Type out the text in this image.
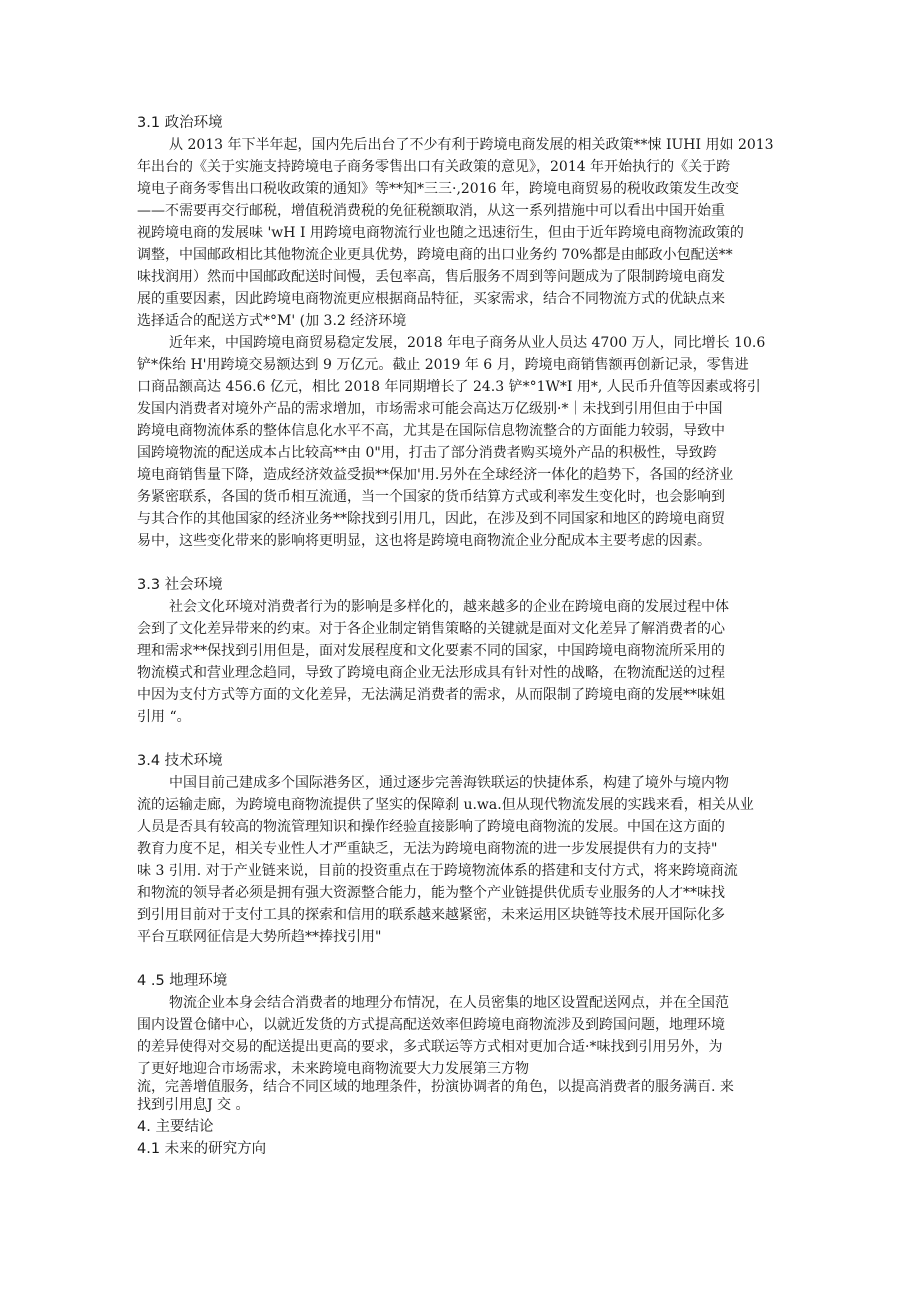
3.1 政治环境
从 2013 年下半年起，国内先后出台了不少有利于跨境电商发展的相关政策**悚 IUHI 用如 2013
年出台的《关于实施支持跨境电子商务零售出口有关政策的意见》，2014 年开始执行的《关于跨
境电子商务零售出口税收政策的通知》等**知*三三·,2016 年，跨境电商贸易的税收政策发生改变
——不需要再交行邮税，增值税消费税的免征税额取消，从这一系列措施中可以看出中国开始重
视跨境电商的发展味 'wH I 用跨境电商物流行业也随之迅速衍生，但由于近年跨境电商物流政策的
调整，中国邮政相比其他物流企业更具优势，跨境电商的出口业务约 70%都是由邮政小包配送**
味找润用）然而中国邮政配送时间慢，丢包率高，售后服务不周到等问题成为了限制跨境电商发
展的重要因素，因此跨境电商物流更应根据商品特征，买家需求，结合不同物流方式的优缺点来
选择适合的配送方式*°M' (加 3.2 经济环境
近年来，中国跨境电商贸易稳定发展，2018 年电子商务从业人员达 4700 万人，同比增长 10.6
铲*侏绐 H'用跨境交易额达到 9 万亿元。截止 2019 年 6 月，跨境电商销售额再创新记录，零售进
口商品额高达 456.6 亿元，相比 2018 年同期增长了 24.3 铲*°1W*I 用*, 人民币升值等因素或将引
发国内消费者对境外产品的需求增加，市场需求可能会高达万亿级别·*｜未找到引用但由于中国
跨境电商物流体系的整体信息化水平不高，尤其是在国际信息物流整合的方面能力较弱，导致中
国跨境物流的配送成本占比较高**由 0"用，打击了部分消费者购买境外产品的积极性，导致跨
境电商销售量下降，造成经济效益受损**保加'用.另外在全球经济一体化的趋势下，各国的经济业
务紧密联系，各国的货币相互流通，当一个国家的货币结算方式或利率发生变化时，也会影响到
与其合作的其他国家的经济业务**除找到引用几，因此，在涉及到不同国家和地区的跨境电商贸
易中，这些变化带来的影响将更明显，这也将是跨境电商物流企业分配成本主要考虑的因素。
3.3 社会环境
社会文化环境对消费者行为的影响是多样化的，越来越多的企业在跨境电商的发展过程中体
会到了文化差异带来的约束。对于各企业制定销售策略的关键就是面对文化差异了解消费者的心
理和需求**保找到引用但是，面对发展程度和文化要素不同的国家，中国跨境电商物流所采用的
物流模式和营业理念趋同，导致了跨境电商企业无法形成具有针对性的战略，在物流配送的过程
中因为支付方式等方面的文化差异，无法满足消费者的需求，从而限制了跨境电商的发展**味姐
引用 “。
3.4 技术环境
中国目前己建成多个国际港务区，通过逐步完善海铁联运的快捷体系，构建了境外与境内物
流的运输走廊，为跨境电商物流提供了坚实的保障刹 u.wa.但从现代物流发展的实践来看，相关从业
人员是否具有较高的物流管理知识和操作经验直接影响了跨境电商物流的发展。中国在这方面的
教育力度不足，相关专业性人才严重缺乏，无法为跨境电商物流的进一步发展提供有力的支持"
味 3 引用. 对于产业链来说，目前的投资重点在于跨境物流体系的搭建和支付方式，将来跨境商流
和物流的领导者必须是拥有强大资源整合能力，能为整个产业链提供优质专业服务的人才**味找
到引用目前对于支付工具的探索和信用的联系越来越紧密，未来运用区块链等技术展开国际化多
平台互联网征信是大势所趋**捧找引用"
4 .5 地理环境
物流企业本身会结合消费者的地理分布情况，在人员密集的地区设置配送网点，并在全国范
围内设置仓储中心，以就近发货的方式提高配送效率但跨境电商物流涉及到跨国问题，地理环境
的差异使得对交易的配送提出更高的要求，多式联运等方式相对更加合适·*味找到引用另外，为
了更好地迎合市场需求，未来跨境电商物流要大力发展第三方物
流，完善增值服务，结合不同区域的地理条件，扮演协调者的角色，以提高消费者的服务满百. 来
找到引用息J 交 。
4. 主要结论
4.1 未来的研究方向
